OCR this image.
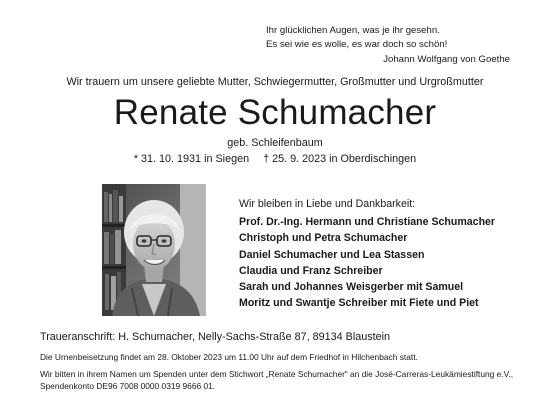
Ihr glücklichen Augen, was je ihr gesehn.
Es sei wie es wolle, es war doch so schön!
Johann Wolfgang von Goethe
Wir trauern um unsere geliebte Mutter, Schwiegermutter, Großmutter und Urgroßmutter
Renate Schumacher
geb. Schleifenbaum
* 31. 10. 1931 in Siegen † 25. 9. 2023 in Oberdischingen
Wir bleiben in Liebe und Dankbarkeit:
Prof. Dr.-Ing. Hermann und Christiane Schumacher
Christoph und Petra Schumacher
Daniel Schumacher und Lea Stassen
Claudia und Franz Schreiber
Sarah und Johannes Weisgerber mit Samuel
Moritz und Swantje Schreiber mit Fiete und Piet
Traueranschrift: H. Schumacher, Nelly-Sachs-Straße 87, 89134 Blaustein
Die Urnenbeisetzung findet am 28. Oktober 2023 um 11.00 Uhr auf dem Friedhof in Hilchenbach statt.
Wir bitten in ihrem Namen um Spenden unter dem Stichwort „Renate Schumacher“ an die José-Carreras-Leukämiestiftung e.V., Spendenkonto DE96 7008 0000 0319 9666 01.
